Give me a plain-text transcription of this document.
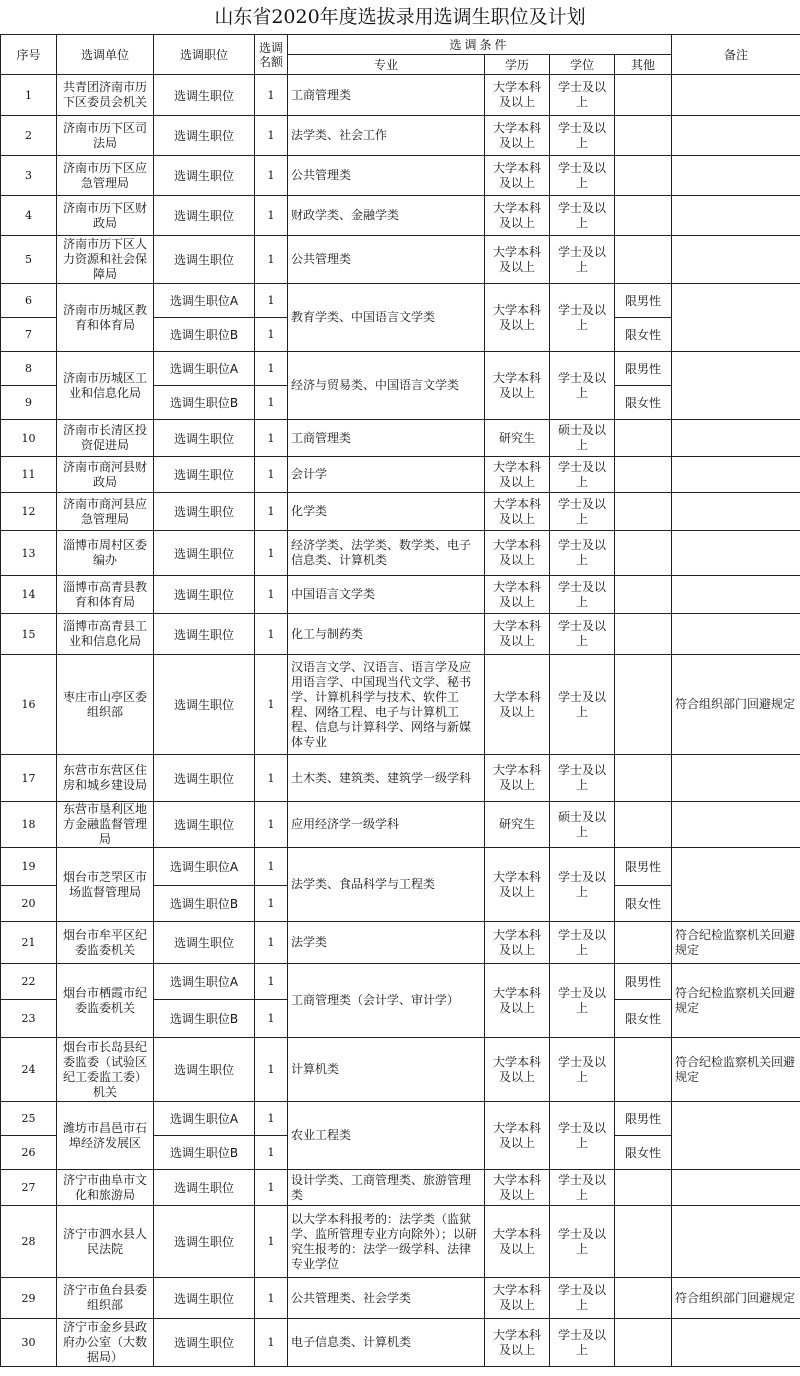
山东省2020年度选拔录用选调生职位及计划
序号	选调单位	选调职位	选调名额	选调条件				备注
				专业	学历	学位	其他	
1	共青团济南市历下区委员会机关	选调生职位	1	工商管理类	大学本科及以上	学士及以上		
2	济南市历下区司法局	选调生职位	1	法学类、社会工作	大学本科及以上	学士及以上		
3	济南市历下区应急管理局	选调生职位	1	公共管理类	大学本科及以上	学士及以上		
4	济南市历下区财政局	选调生职位	1	财政学类、金融学类	大学本科及以上	学士及以上		
5	济南市历下区人力资源和社会保障局	选调生职位	1	公共管理类	大学本科及以上	学士及以上		
6	济南市历城区教育和体育局	选调生职位A	1	教育学类、中国语言文学类	大学本科及以上	学士及以上	限男性	
7		选调生职位B	1				限女性	
8	济南市历城区工业和信息化局	选调生职位A	1	经济与贸易类、中国语言文学类	大学本科及以上	学士及以上	限男性	
9		选调生职位B	1				限女性	
10	济南市长清区投资促进局	选调生职位	1	工商管理类	研究生	硕士及以上		
11	济南市商河县财政局	选调生职位	1	会计学	大学本科及以上	学士及以上		
12	济南市商河县应急管理局	选调生职位	1	化学类	大学本科及以上	学士及以上		
13	淄博市周村区委编办	选调生职位	1	经济学类、法学类、数学类、电子信息类、计算机类	大学本科及以上	学士及以上		
14	淄博市高青县教育和体育局	选调生职位	1	中国语言文学类	大学本科及以上	学士及以上		
15	淄博市高青县工业和信息化局	选调生职位	1	化工与制药类	大学本科及以上	学士及以上		
16	枣庄市山亭区委组织部	选调生职位	1	汉语言文学、汉语言、语言学及应用语言学、中国现当代文学、秘书学、计算机科学与技术、软件工程、网络工程、电子与计算机工程、信息与计算科学、网络与新媒体专业	大学本科及以上	学士及以上		符合组织部门回避规定
17	东营市东营区住房和城乡建设局	选调生职位	1	土木类、建筑类、建筑学一级学科	大学本科及以上	学士及以上		
18	东营市垦利区地方金融监督管理局	选调生职位	1	应用经济学一级学科	研究生	硕士及以上		
19	烟台市芝罘区市场监督管理局	选调生职位A	1	法学类、食品科学与工程类	大学本科及以上	学士及以上	限男性	
20		选调生职位B	1				限女性	
21	烟台市牟平区纪委监委机关	选调生职位	1	法学类	大学本科及以上	学士及以上		符合纪检监察机关回避规定
22	烟台市栖霞市纪委监委机关	选调生职位A	1	工商管理类（会计学、审计学）	大学本科及以上	学士及以上	限男性	符合纪检监察机关回避规定
23		选调生职位B	1				限女性	
24	烟台市长岛县纪委监委（试验区纪工委监工委）机关	选调生职位	1	计算机类	大学本科及以上	学士及以上		符合纪检监察机关回避规定
25	潍坊市昌邑市石埠经济发展区	选调生职位A	1	农业工程类	大学本科及以上	学士及以上	限男性	
26		选调生职位B	1				限女性	
27	济宁市曲阜市文化和旅游局	选调生职位	1	设计学类、工商管理类、旅游管理类	大学本科及以上	学士及以上		
28	济宁市泗水县人民法院	选调生职位	1	以大学本科报考的：法学类（监狱学、监所管理专业方向除外）；以研究生报考的：法学一级学科、法律专业学位	大学本科及以上	学士及以上		
29	济宁市鱼台县委组织部	选调生职位	1	公共管理类、社会学类	大学本科及以上	学士及以上		符合组织部门回避规定
30	济宁市金乡县政府办公室（大数据局）	选调生职位	1	电子信息类、计算机类	大学本科及以上	学士及以上		
